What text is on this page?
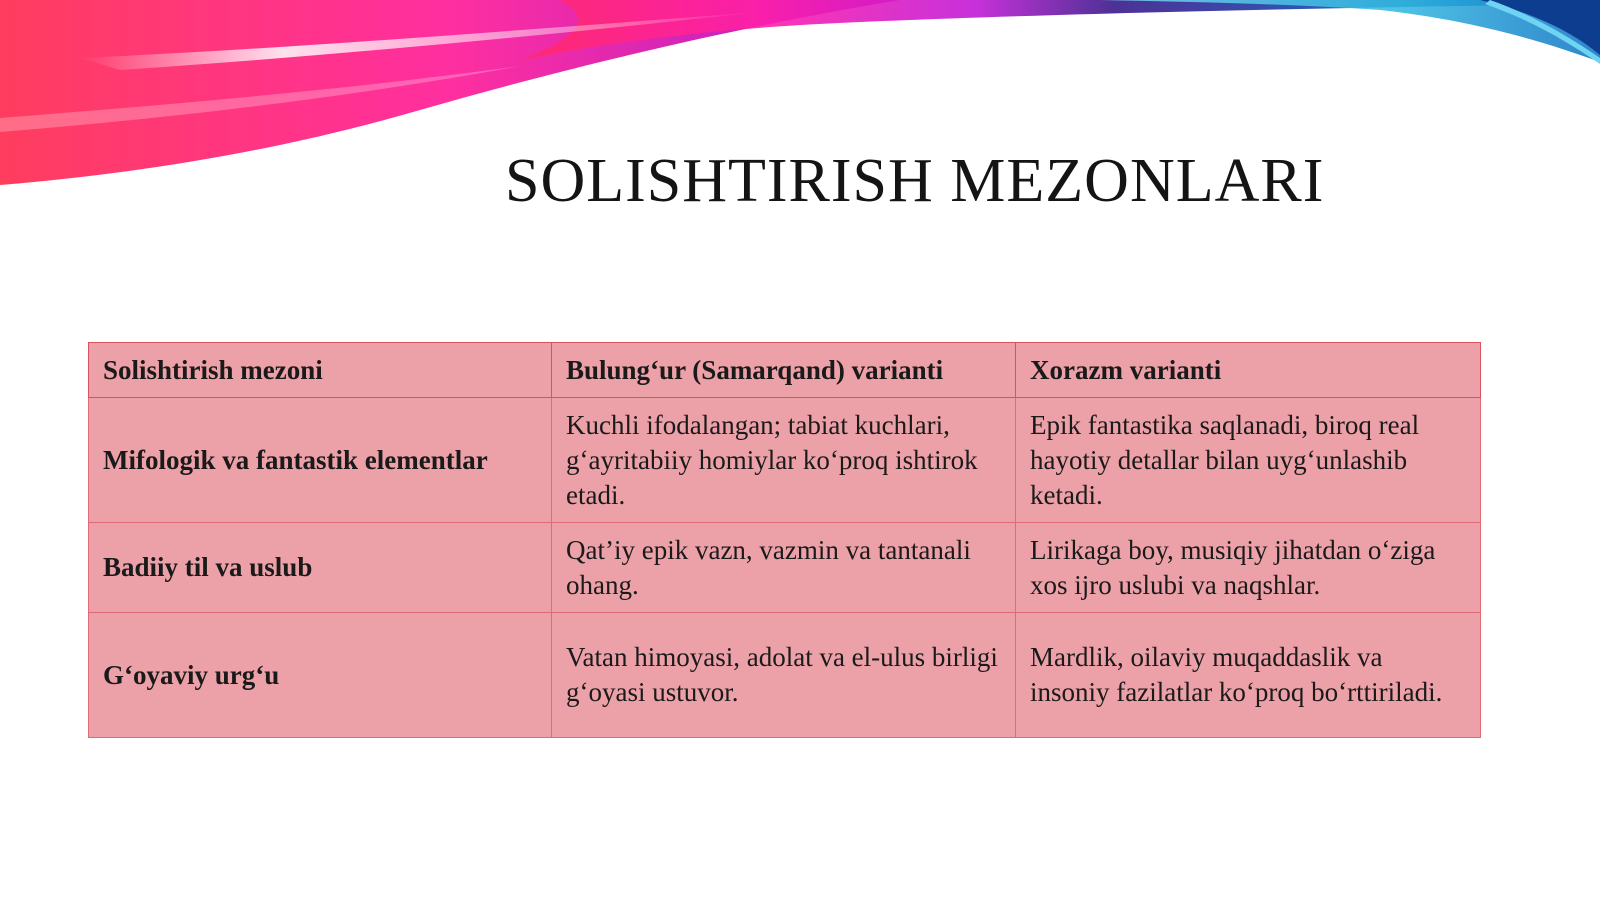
SOLISHTIRISH MEZONLARI
Solishtirish mezoni	Bulung‘ur (Samarqand) varianti	Xorazm varianti
Mifologik va fantastik elementlar	Kuchli ifodalangan; tabiat kuchlari, g‘ayritabiiy homiylar ko‘proq ishtirok etadi.	Epik fantastika saqlanadi, biroq real hayotiy detallar bilan uyg‘unlashib ketadi.
Badiiy til va uslub	Qat’iy epik vazn, vazmin va tantanali ohang.	Lirikaga boy, musiqiy jihatdan o‘ziga xos ijro uslubi va naqshlar.
G‘oyaviy urg‘u	Vatan himoyasi, adolat va el-ulus birligi g‘oyasi ustuvor.	Mardlik, oilaviy muqaddaslik va insoniy fazilatlar ko‘proq bo‘rttiriladi.
